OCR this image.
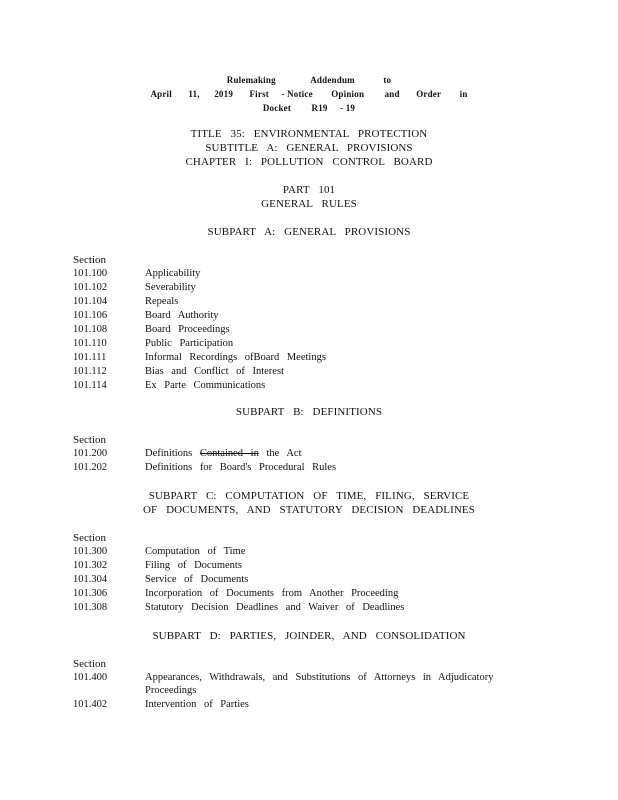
Rulemaking	Addendum	to
April 11, 2019 First - Notice Opinion and Order in
Docket R19 - 19
TITLE 35: ENVIRONMENTAL PROTECTION
SUBTITLE A: GENERAL PROVISIONS
CHAPTER I: POLLUTION CONTROL BOARD
PART 101
GENERAL RULES
SUBPART A: GENERAL PROVISIONS
Section
101.100	Applicability
101.102	Severability
101.104	Repeals
101.106	Board Authority
101.108	Board Proceedings
101.110	Public Participation
101.111	Informal Recordings ofBoard Meetings
101.112	Bias and Conflict of Interest
101.114	Ex Parte Communications
SUBPART B: DEFINITIONS
Section
101.200	Definitions Contained in the Act
101.202	Definitions for Board's Procedural Rules
SUBPART C: COMPUTATION OF TIME, FILING, SERVICE
OF DOCUMENTS, AND STATUTORY DECISION DEADLINES
Section
101.300	Computation of Time
101.302	Filing of Documents
101.304	Service of Documents
101.306	Incorporation of Documents from Another Proceeding
101.308	Statutory Decision Deadlines and Waiver of Deadlines
SUBPART D: PARTIES, JOINDER, AND CONSOLIDATION
Section
101.400	Appearances, Withdrawals, and Substitutions of Attorneys in Adjudicatory
Proceedings
101.402	Intervention of Parties
